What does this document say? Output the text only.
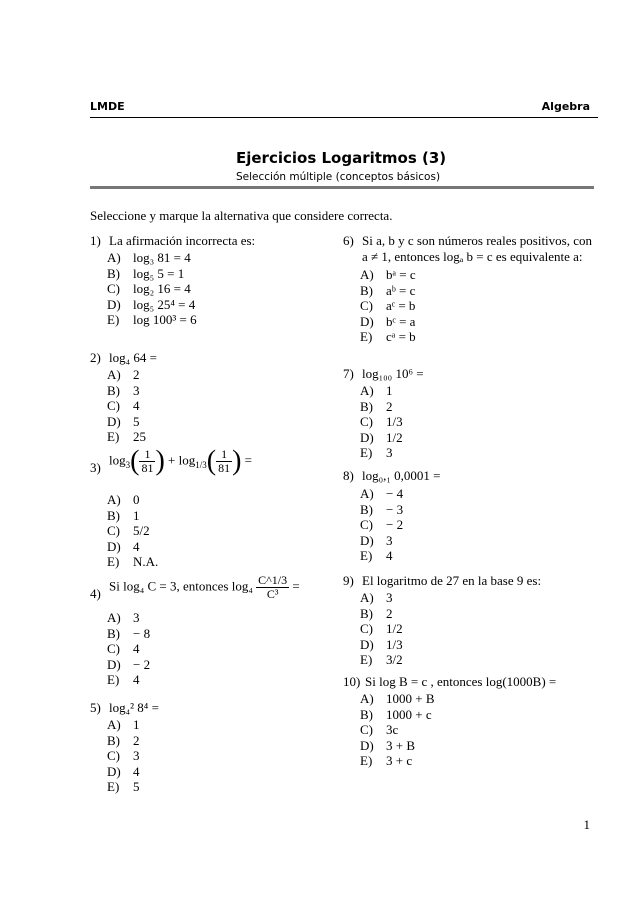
LMDE	Algebra
Ejercicios Logaritmos (3)
Selección múltiple (conceptos básicos)
Seleccione y marque la alternativa que considere correcta.
1) La afirmación incorrecta es:
A) log₃ 81 = 4
B) log₅ 5 = 1
C) log₂ 16 = 4
D) log₅ 25⁴ = 4
E) log 100³ = 6
2) log₄ 64 =
A) 2
B) 3
C) 4
D) 5
E) 25
3)
$\log_3( \frac{1}{81}$ ) + $\log_{1/3}( \frac{1}{81}$ ) =
A) 0
B) 1
C) 5/2
D) 4
E) N.A.
4)
Si log₄ C = 3, entonces $\log_4 \frac{C\^{}1/3}{\text{C³}}$ =
A) 3
B) − 8
C) 4
D) − 2
E) 4
5) log₄² 8⁴ =
A) 1
B) 2
C) 3
D) 4
E) 5
6) Si a, b y c son números reales positivos, con
a ≠ 1, entonces logₐ b = c es equivalente a:
A) bᵃ = c
B) aᵇ = c
C) aᶜ = b
D) bᶜ = a
E) cᵃ = b
7) log₁₀₀ 10⁶ =
A) 1
B) 2
C) 1/3
D) 1/2
E) 3
8) log₀,₁ 0,0001 =
A) − 4
B) − 3
C) − 2
D) 3
E) 4
9) El logaritmo de 27 en la base 9 es:
A) 3
B) 2
C) 1/2
D) 1/3
E) 3/2
10) Si log B = c , entonces log(1000B) =
A) 1000 + B
B) 1000 + c
C) 3c
D) 3 + B
E) 3 + c
1
